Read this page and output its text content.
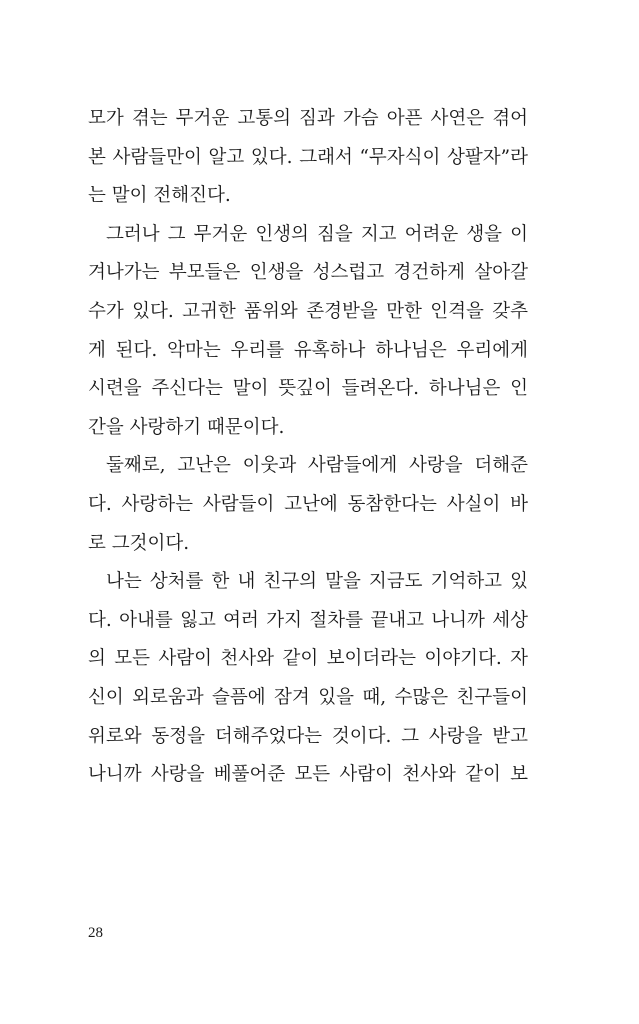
모가 겪는 무거운 고통의 짐과 가슴 아픈 사연은 겪어
본 사람들만이 알고 있다. 그래서 “무자식이 상팔자”라
는 말이 전해진다.
그러나 그 무거운 인생의 짐을 지고 어려운 생을 이
겨나가는 부모들은 인생을 성스럽고 경건하게 살아갈
수가 있다. 고귀한 품위와 존경받을 만한 인격을 갖추
게 된다. 악마는 우리를 유혹하나 하나님은 우리에게
시련을 주신다는 말이 뜻깊이 들려온다. 하나님은 인
간을 사랑하기 때문이다.
둘째로, 고난은 이웃과 사람들에게 사랑을 더해준
다. 사랑하는 사람들이 고난에 동참한다는 사실이 바
로 그것이다.
나는 상처를 한 내 친구의 말을 지금도 기억하고 있
다. 아내를 잃고 여러 가지 절차를 끝내고 나니까 세상
의 모든 사람이 천사와 같이 보이더라는 이야기다. 자
신이 외로움과 슬픔에 잠겨 있을 때, 수많은 친구들이
위로와 동정을 더해주었다는 것이다. 그 사랑을 받고
나니까 사랑을 베풀어준 모든 사람이 천사와 같이 보
28
